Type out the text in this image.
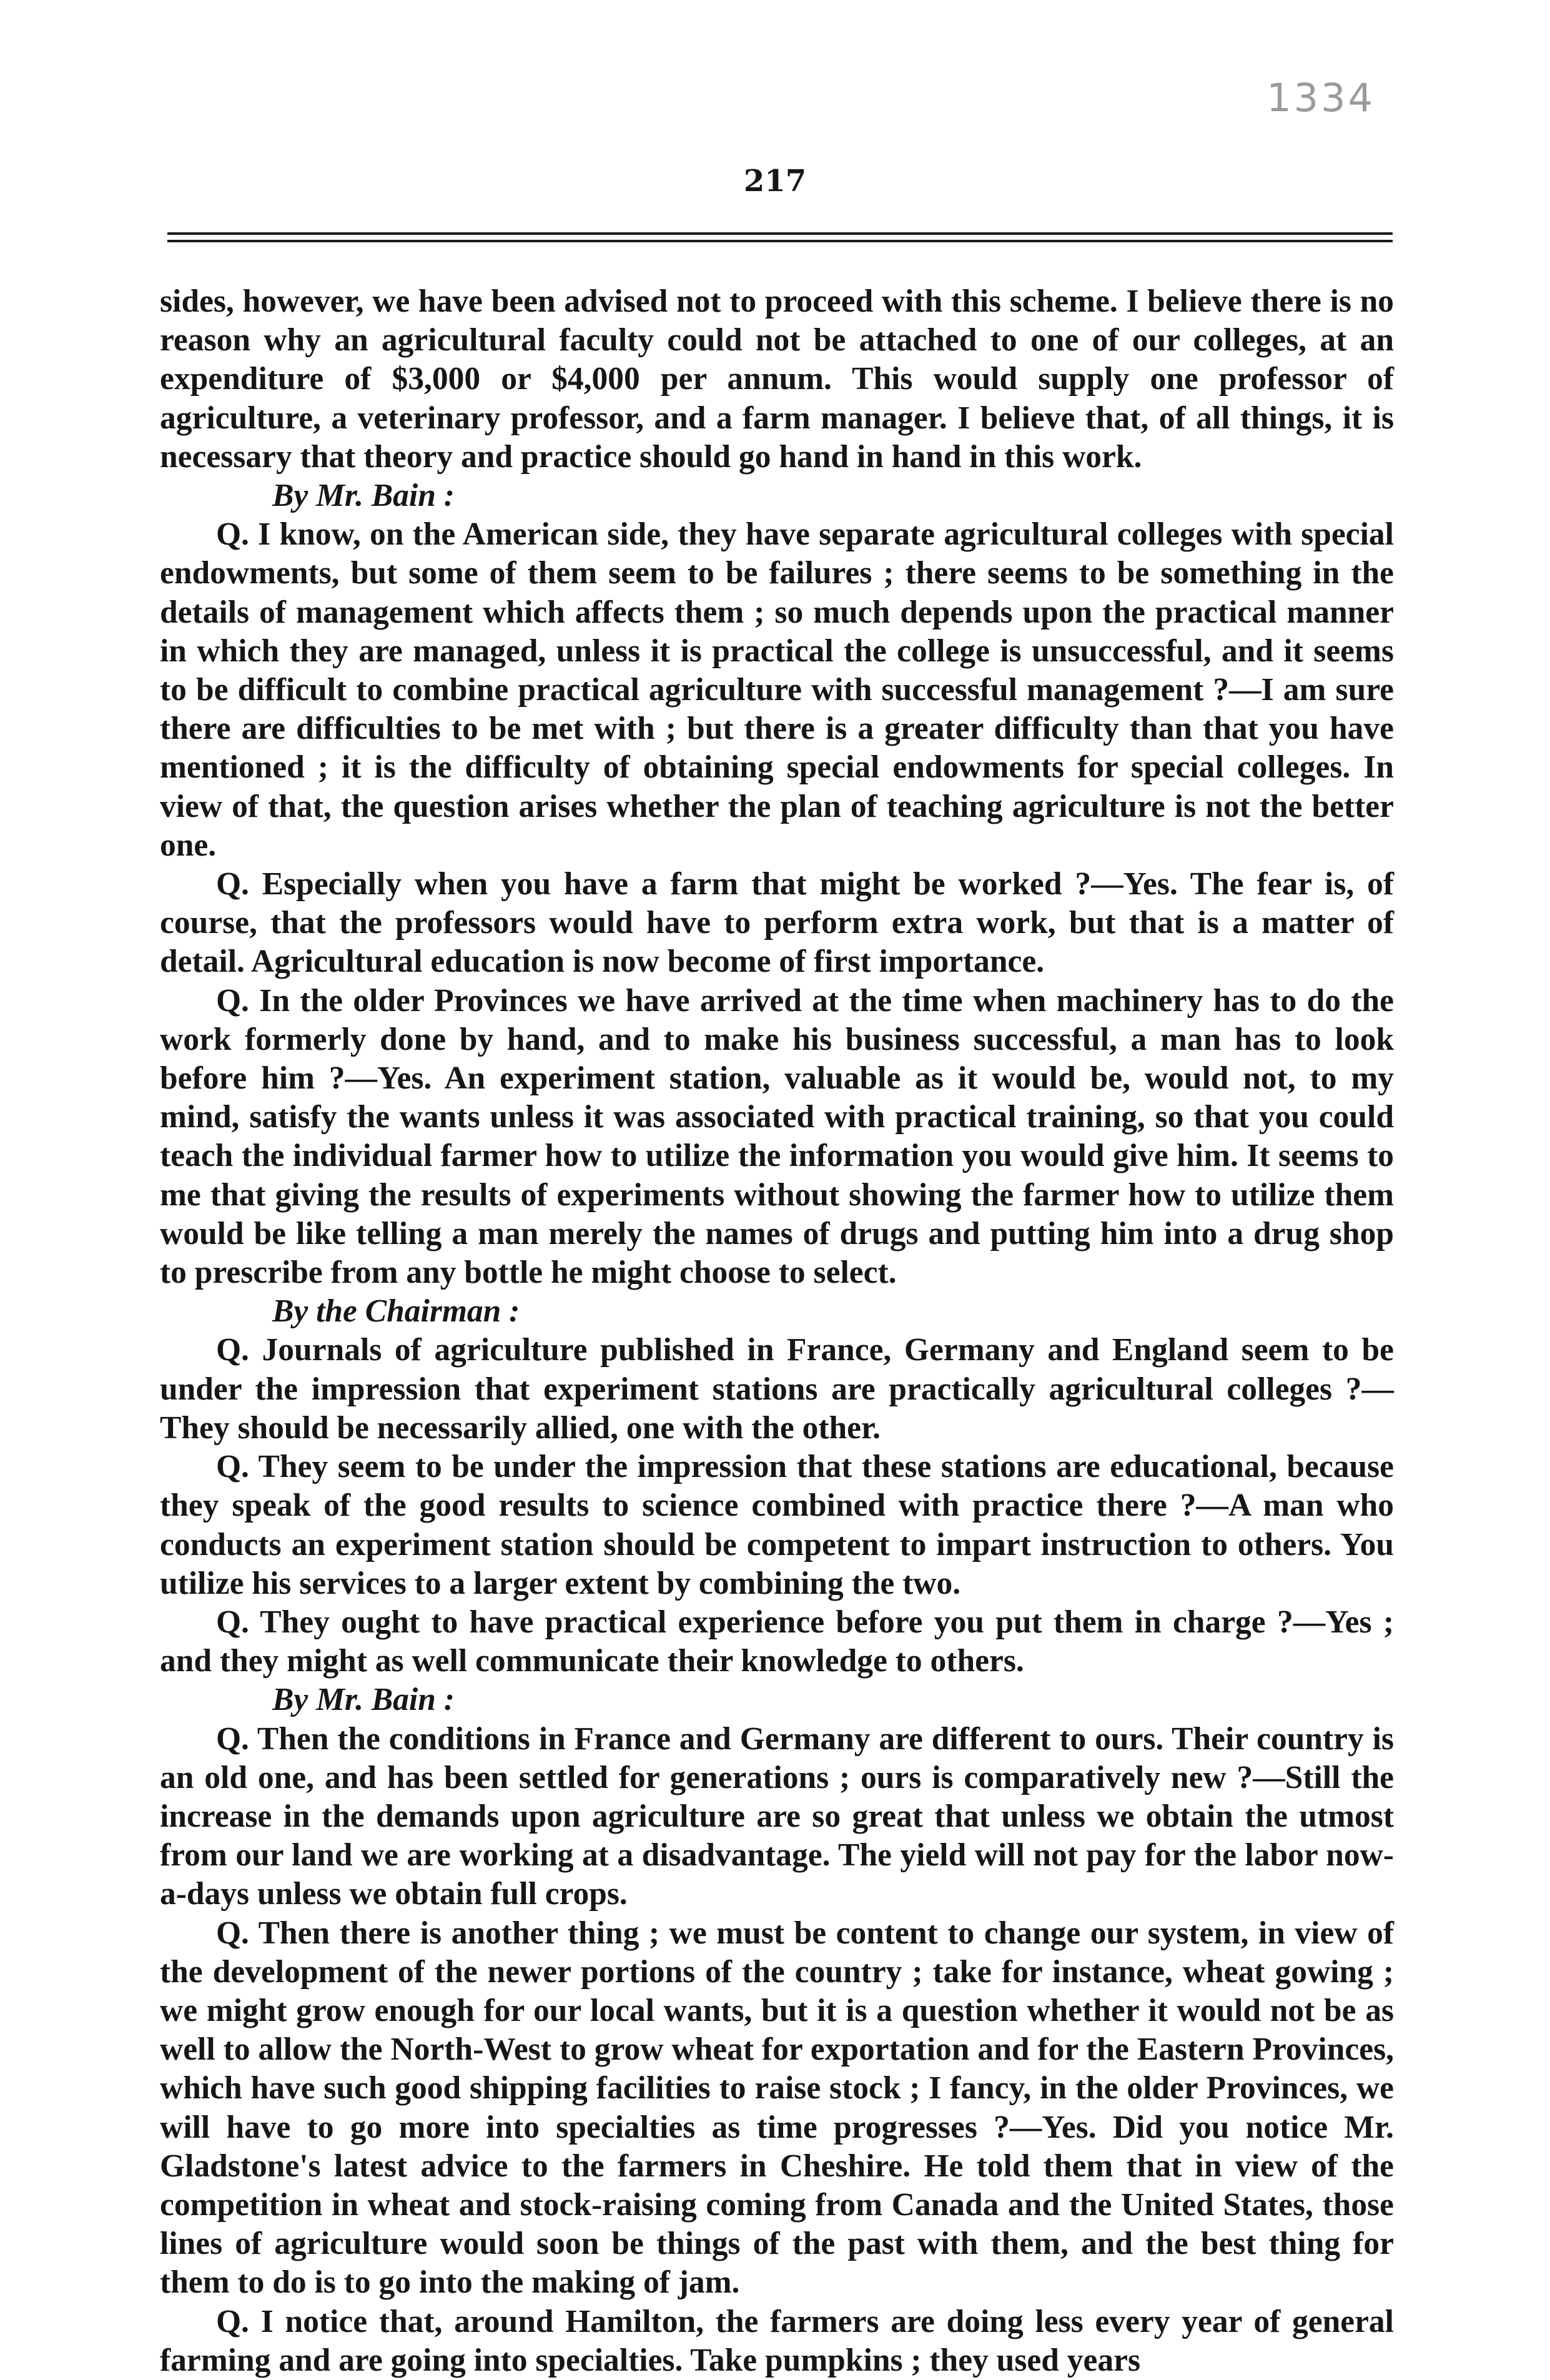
1334
217

sides, however, we have been advised not to proceed with this scheme. I believe there is no reason why an agricultural faculty could not be attached to one of our colleges, at an expenditure of $3,000 or $4,000 per annum. This would supply one professor of agriculture, a veterinary professor, and a farm manager. I believe that, of all things, it is necessary that theory and practice should go hand in hand in this work.

By Mr. Bain :

Q. I know, on the American side, they have separate agricultural colleges with special endowments, but some of them seem to be failures ; there seems to be something in the details of management which affects them ; so much depends upon the practical manner in which they are managed, unless it is practical the college is unsuccessful, and it seems to be difficult to combine practical agriculture with successful management ?—I am sure there are difficulties to be met with ; but there is a greater difficulty than that you have mentioned ; it is the difficulty of obtaining special endowments for special colleges. In view of that, the question arises whether the plan of teaching agriculture is not the better one.

Q. Especially when you have a farm that might be worked ?—Yes. The fear is, of course, that the professors would have to perform extra work, but that is a matter of detail. Agricultural education is now become of first importance.

Q. In the older Provinces we have arrived at the time when machinery has to do the work formerly done by hand, and to make his business successful, a man has to look before him ?—Yes. An experiment station, valuable as it would be, would not, to my mind, satisfy the wants unless it was associated with practical training, so that you could teach the individual farmer how to utilize the information you would give him. It seems to me that giving the results of experiments without showing the farmer how to utilize them would be like telling a man merely the names of drugs and putting him into a drug shop to prescribe from any bottle he might choose to select.

By the Chairman :

Q. Journals of agriculture published in France, Germany and England seem to be under the impression that experiment stations are practically agricultural colleges ?—They should be necessarily allied, one with the other.

Q. They seem to be under the impression that these stations are educational, because they speak of the good results to science combined with practice there ?—A man who conducts an experiment station should be competent to impart instruction to others. You utilize his services to a larger extent by combining the two.

Q. They ought to have practical experience before you put them in charge ?—Yes ; and they might as well communicate their knowledge to others.

By Mr. Bain :

Q. Then the conditions in France and Germany are different to ours. Their country is an old one, and has been settled for generations ; ours is comparatively new ?—Still the increase in the demands upon agriculture are so great that unless we obtain the utmost from our land we are working at a disadvantage. The yield will not pay for the labor now-a-days unless we obtain full crops.

Q. Then there is another thing ; we must be content to change our system, in view of the development of the newer portions of the country ; take for instance, wheat gowing ; we might grow enough for our local wants, but it is a question whether it would not be as well to allow the North-West to grow wheat for exportation and for the Eastern Provinces, which have such good shipping facilities to raise stock ; I fancy, in the older Provinces, we will have to go more into specialties as time progresses ?—Yes. Did you notice Mr. Gladstone's latest advice to the farmers in Cheshire. He told them that in view of the competition in wheat and stock-raising coming from Canada and the United States, those lines of agriculture would soon be things of the past with them, and the best thing for them to do is to go into the making of jam.

Q. I notice that, around Hamilton, the farmers are doing less every year of general farming and are going into specialties. Take pumpkins ; they used years
